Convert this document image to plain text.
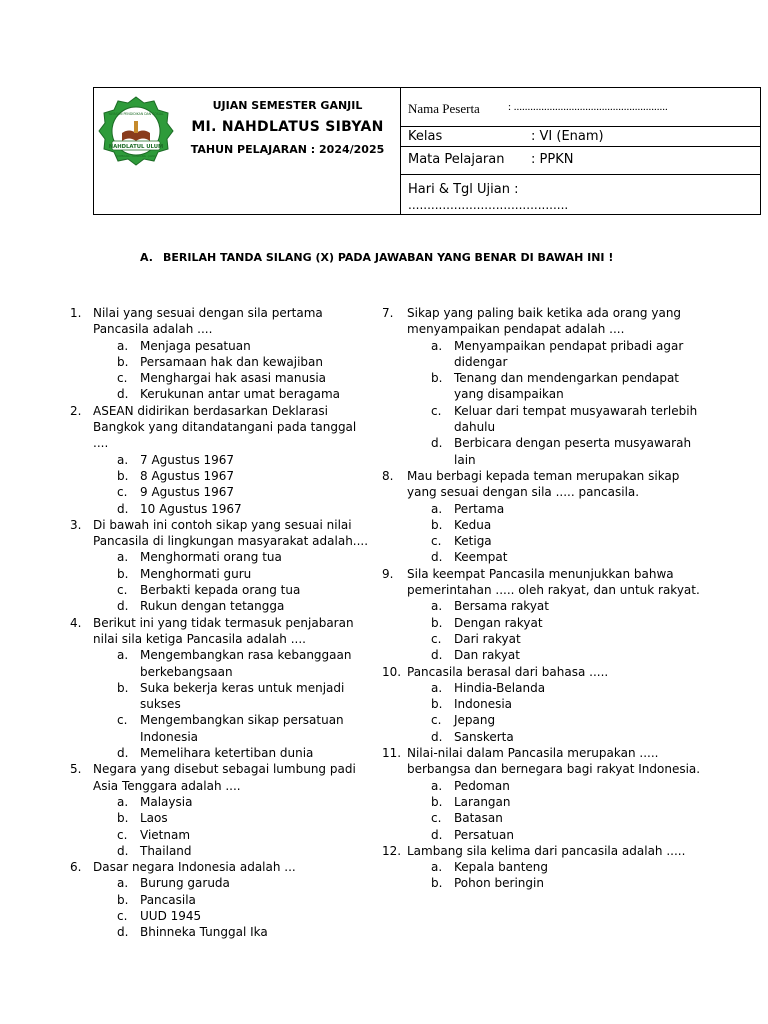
NAHDLATUL ULUM
YAYASAN PENDIDIKAN DAN SOSIAL
JOMBANG - KANDANG - JAWA
UJIAN SEMESTER GANJIL
MI. NAHDLATUS SIBYAN
TAHUN PELAJARAN : 2024/2025
Nama Peserta	: ........................................................
Kelas	: VI (Enam)
Mata Pelajaran : PPKN
Hari & Tgl Ujian :
..........................................
A. BERILAH TANDA SILANG (X) PADA JAWABAN YANG BENAR DI BAWAH INI !
1. Nilai yang sesuai dengan sila pertama Pancasila adalah ....
a. Menjaga pesatuan
b. Persamaan hak dan kewajiban
c. Menghargai hak asasi manusia
d. Kerukunan antar umat beragama
2. ASEAN didirikan berdasarkan Deklarasi Bangkok yang ditandatangani pada tanggal ....
a. 7 Agustus 1967
b. 8 Agustus 1967
c. 9 Agustus 1967
d. 10 Agustus 1967
3. Di bawah ini contoh sikap yang sesuai nilai Pancasila di lingkungan masyarakat adalah....
a. Menghormati orang tua
b. Menghormati guru
c. Berbakti kepada orang tua
d. Rukun dengan tetangga
4. Berikut ini yang tidak termasuk penjabaran nilai sila ketiga Pancasila adalah ....
a. Mengembangkan rasa kebanggaan berkebangsaan
b. Suka bekerja keras untuk menjadi sukses
c. Mengembangkan sikap persatuan Indonesia
d. Memelihara ketertiban dunia
5. Negara yang disebut sebagai lumbung padi Asia Tenggara adalah ....
a. Malaysia
b. Laos
c. Vietnam
d. Thailand
6. Dasar negara Indonesia adalah ...
a. Burung garuda
b. Pancasila
c. UUD 1945
d. Bhinneka Tunggal Ika
7.	Sikap yang paling baik ketika ada orang yang menyampaikan pendapat adalah ....
a. Menyampaikan pendapat pribadi agar didengar
b. Tenang dan mendengarkan pendapat yang disampaikan
c. Keluar dari tempat musyawarah terlebih dahulu
d. Berbicara dengan peserta musyawarah lain
8.	Mau berbagi kepada teman merupakan sikap yang sesuai dengan sila ..... pancasila.
a. Pertama
b. Kedua
c. Ketiga
d. Keempat
9.	Sila keempat Pancasila menunjukkan bahwa pemerintahan ..... oleh rakyat, dan untuk rakyat.
a. Bersama rakyat
b. Dengan rakyat
c. Dari rakyat
d. Dan rakyat
10. Pancasila berasal dari bahasa .....
a. Hindia-Belanda
b. Indonesia
c. Jepang
d. Sanskerta
11. Nilai-nilai dalam Pancasila merupakan ..... berbangsa dan bernegara bagi rakyat Indonesia.
a. Pedoman
b. Larangan
c. Batasan
d. Persatuan
12. Lambang sila kelima dari pancasila adalah .....
a. Kepala banteng
b. Pohon beringin
